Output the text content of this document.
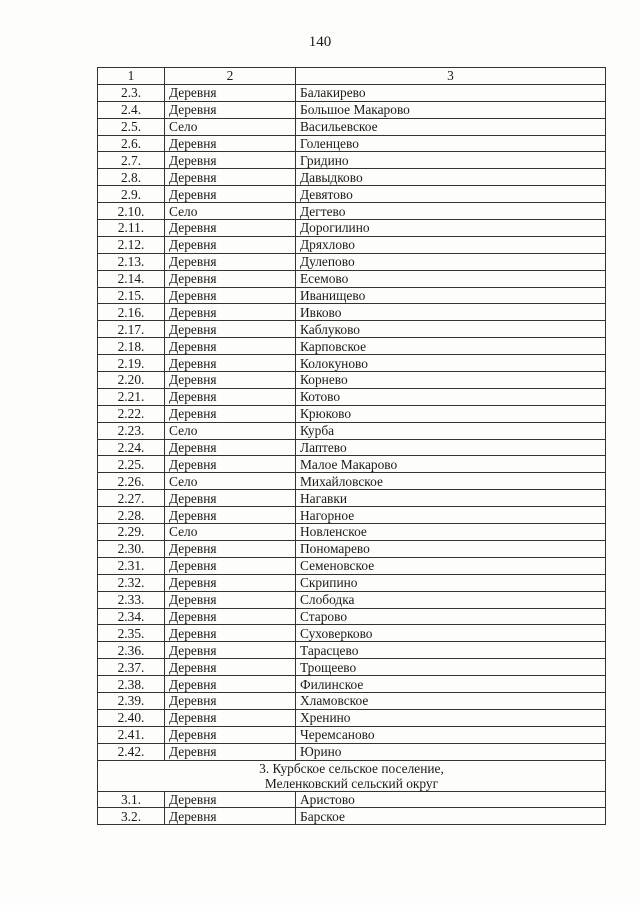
140
1	2	3
2.3.	Деревня	Балакирево
2.4.	Деревня	Большое Макарово
2.5.	Село	Васильевское
2.6.	Деревня	Голенцево
2.7.	Деревня	Гридино
2.8.	Деревня	Давыдково
2.9.	Деревня	Девятово
2.10.	Село	Дегтево
2.11.	Деревня	Дорогилино
2.12.	Деревня	Дряхлово
2.13.	Деревня	Дулепово
2.14.	Деревня	Есемово
2.15.	Деревня	Иванищево
2.16.	Деревня	Ивково
2.17.	Деревня	Каблуково
2.18.	Деревня	Карповское
2.19.	Деревня	Колокуново
2.20.	Деревня	Корнево
2.21.	Деревня	Котово
2.22.	Деревня	Крюково
2.23.	Село	Курба
2.24.	Деревня	Лаптево
2.25.	Деревня	Малое Макарово
2.26.	Село	Михайловское
2.27.	Деревня	Нагавки
2.28.	Деревня	Нагорное
2.29.	Село	Новленское
2.30.	Деревня	Пономарево
2.31.	Деревня	Семеновское
2.32.	Деревня	Скрипино
2.33.	Деревня	Слободка
2.34.	Деревня	Старово
2.35.	Деревня	Суховерково
2.36.	Деревня	Тарасцево
2.37.	Деревня	Трощеево
2.38.	Деревня	Филинское
2.39.	Деревня	Хламовское
2.40.	Деревня	Хренино
2.41.	Деревня	Черемсаново
2.42.	Деревня	Юрино
3. Курбское сельское поселение,
Меленковский сельский округ		
3.1.	Деревня	Аристово
3.2.	Деревня	Барское
